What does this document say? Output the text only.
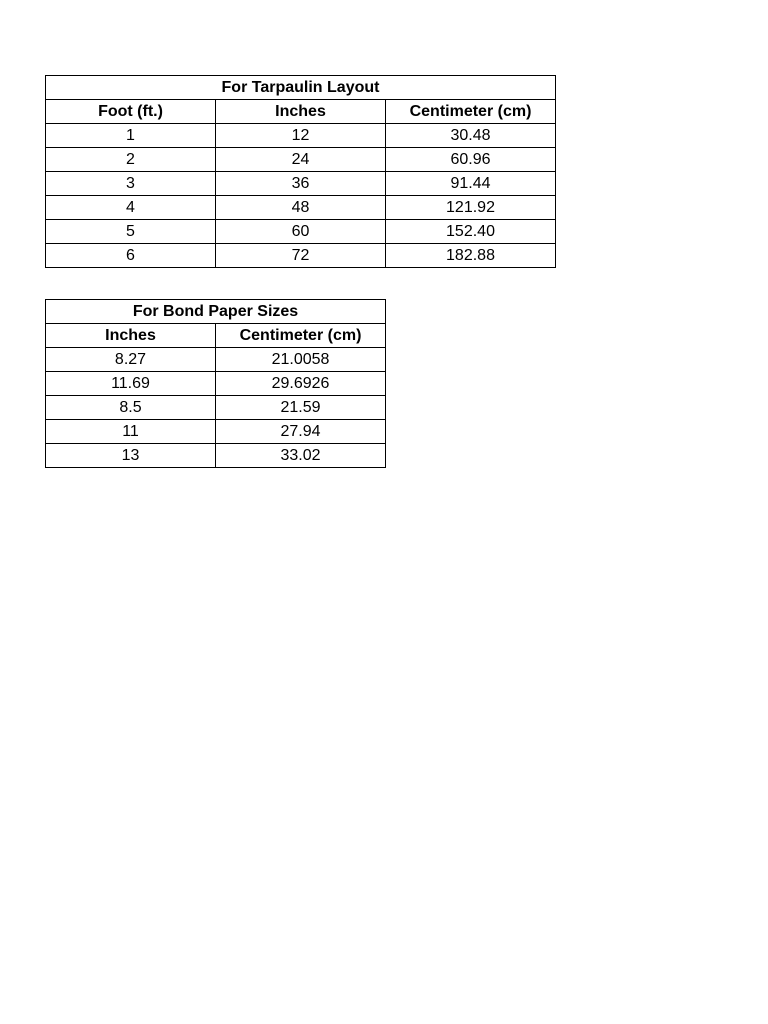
For Tarpaulin Layout		
Foot (ft.)	Inches	Centimeter (cm)
1	12	30.48
2	24	60.96
3	36	91.44
4	48	121.92
5	60	152.40
6	72	182.88
For Bond Paper Sizes	
Inches	Centimeter (cm)
8.27	21.0058
11.69	29.6926
8.5	21.59
11	27.94
13	33.02
